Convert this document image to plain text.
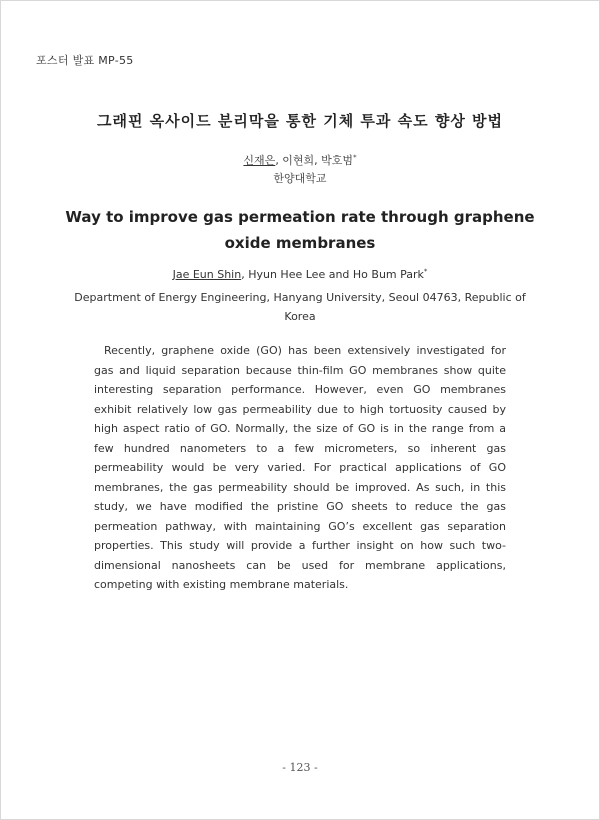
포스터 발표 MP-55
그래핀 옥사이드 분리막을 통한 기체 투과 속도 향상 방법
신재은, 이현희, 박호범*
한양대학교
Way to improve gas permeation rate through graphene oxide membranes
Jae Eun Shin, Hyun Hee Lee and Ho Bum Park*
Department of Energy Engineering, Hanyang University, Seoul 04763, Republic of Korea

Recently, graphene oxide (GO) has been extensively investigated for gas and liquid separation because thin-film GO membranes show quite interesting separation performance. However, even GO membranes exhibit relatively low gas permeability due to high tortuosity caused by high aspect ratio of GO. Normally, the size of GO is in the range from a few hundred nanometers to a few micrometers, so inherent gas permeability would be very varied. For practical applications of GO membranes, the gas permeability should be improved. As such, in this study, we have modified the pristine GO sheets to reduce the gas permeation pathway, with maintaining GO’s excellent gas separation properties. This study will provide a further insight on how such two-dimensional nanosheets can be used for membrane applications, competing with existing membrane materials.

- 123 -
